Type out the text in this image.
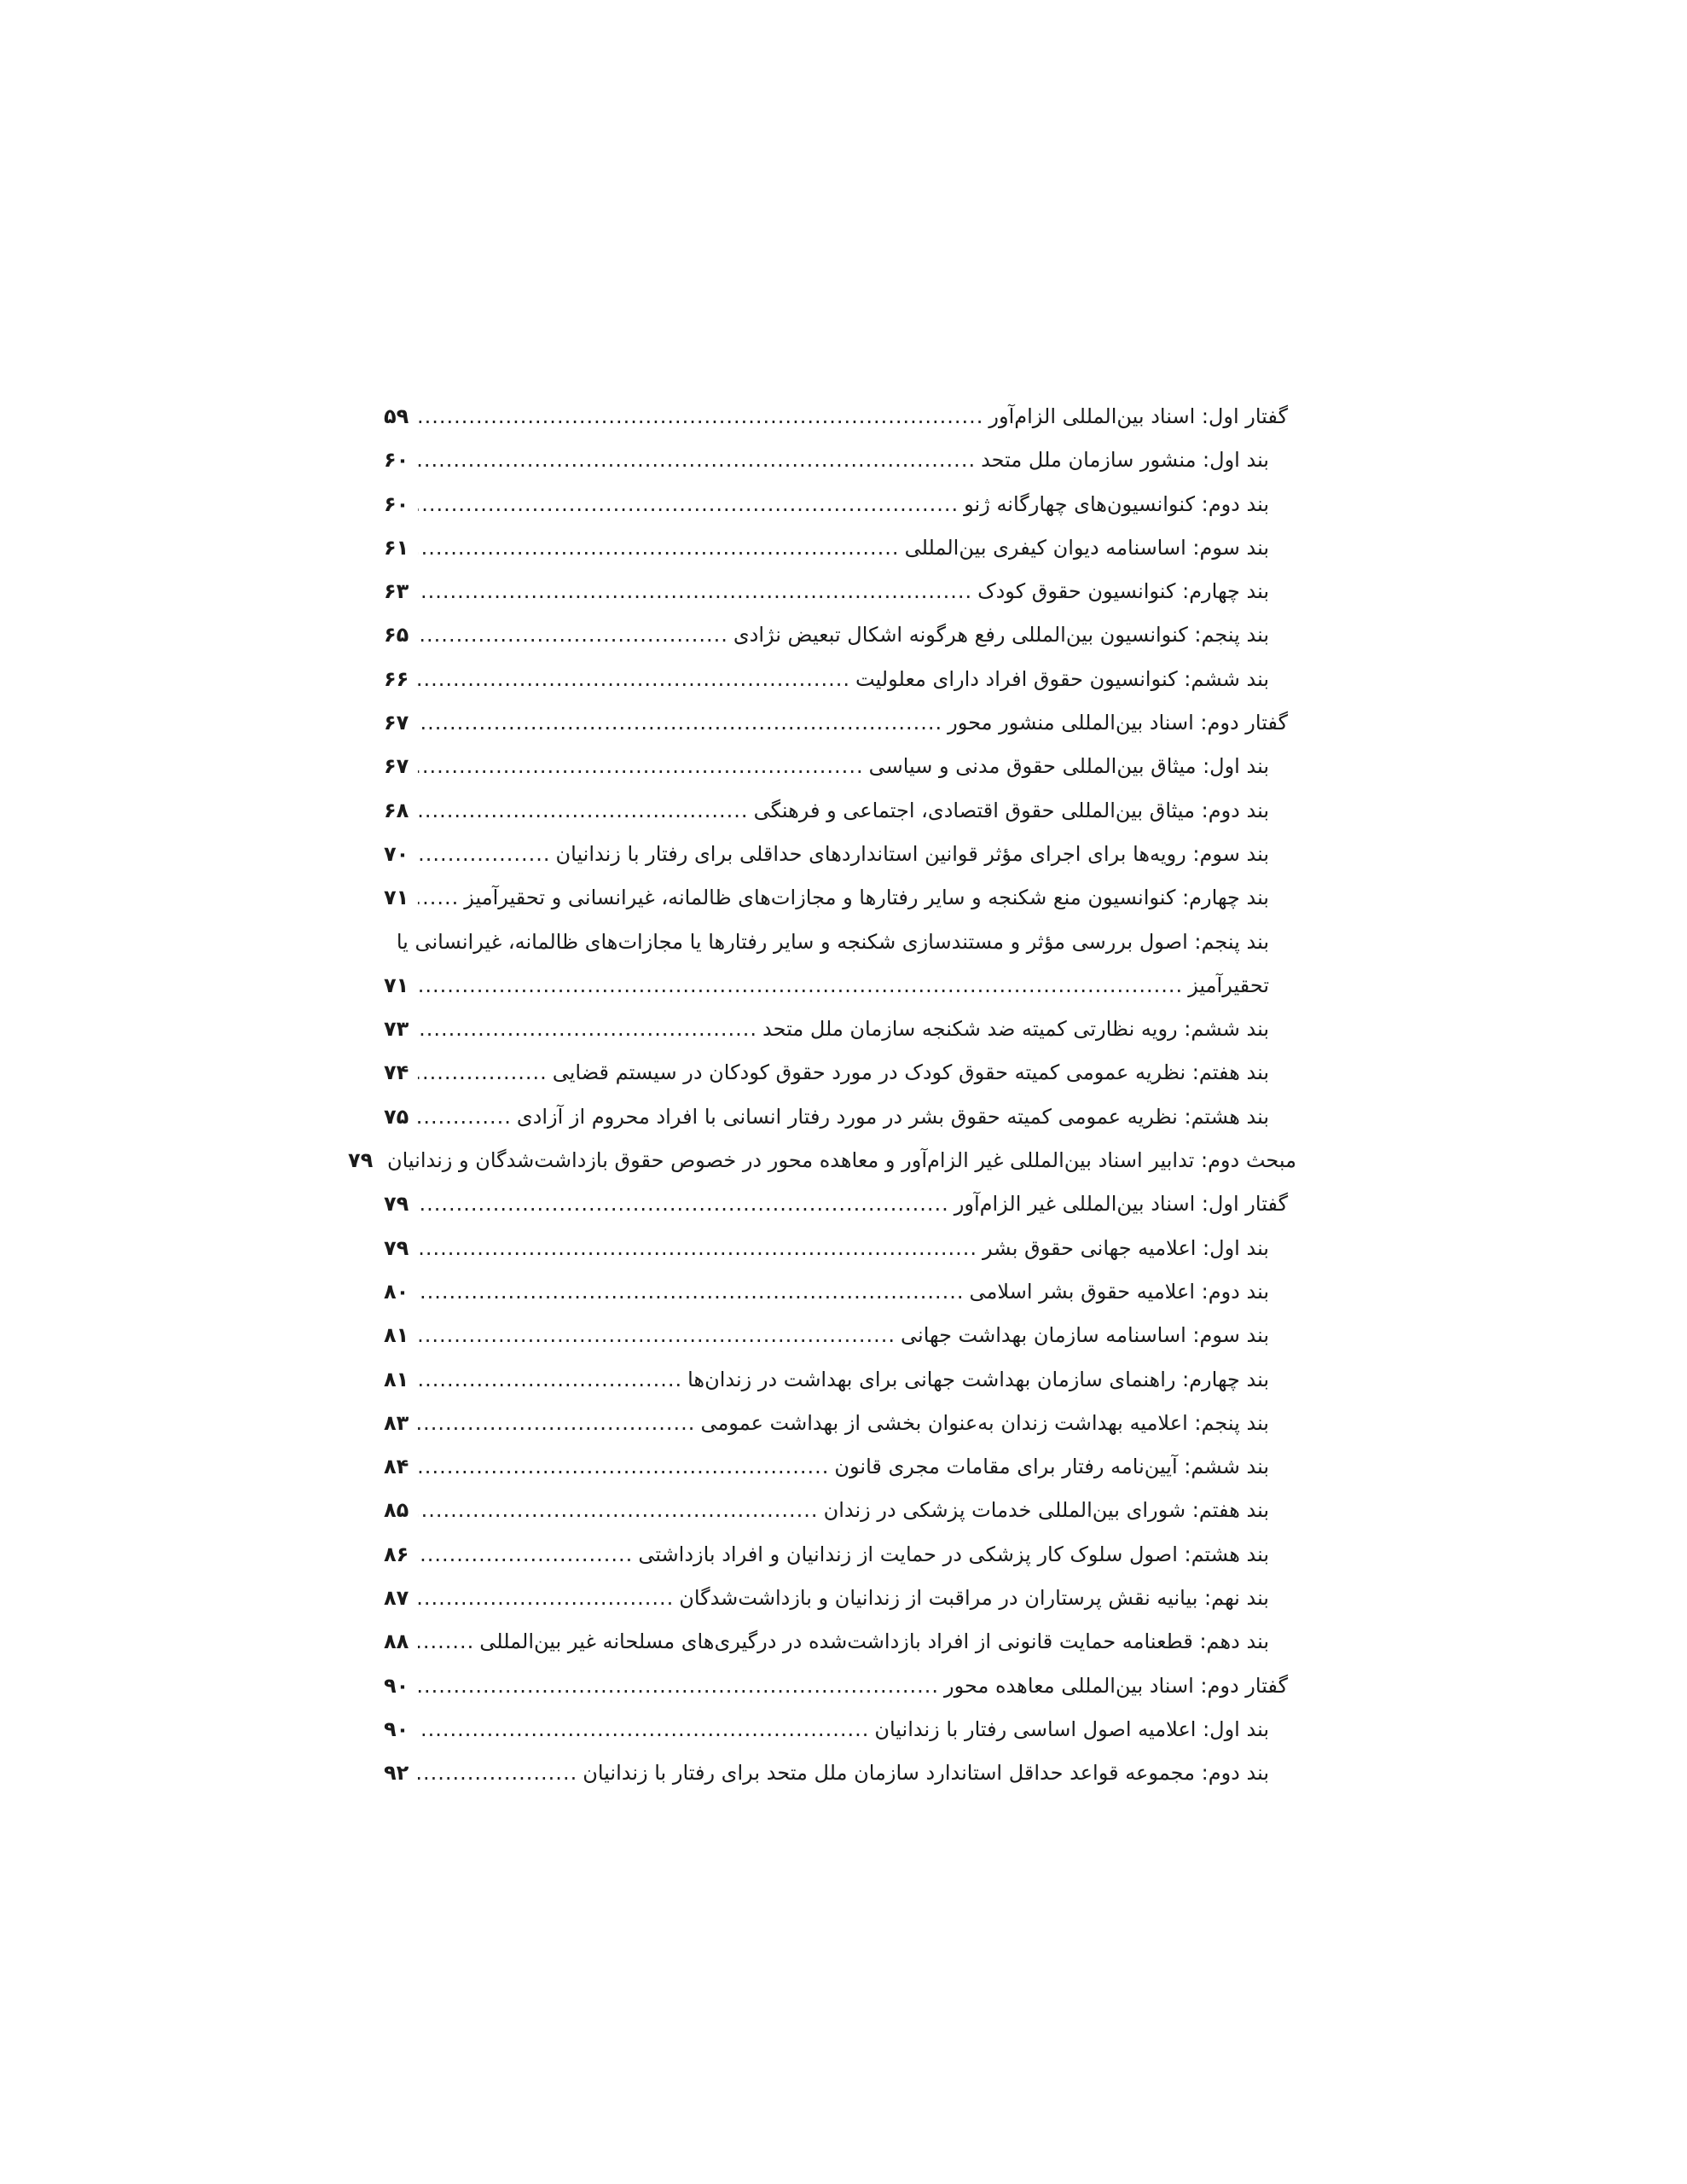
گفتار اول: اسناد بین‌المللی الزام‌آور
.....
۵۹
بند اول: منشور سازمان ملل متحد
.....
۶۰
بند دوم: کنوانسیون‌های چهارگانه ژنو
.....
۶۰
بند سوم: اساسنامه دیوان کیفری بین‌المللی
.....
۶۱
بند چهارم: کنوانسیون حقوق کودک
.....
۶۳
بند پنجم: کنوانسیون بین‌المللی رفع هرگونه اشکال تبعیض نژادی
.....
۶۵
بند ششم: کنوانسیون حقوق افراد دارای معلولیت
.....
۶۶
گفتار دوم: اسناد بین‌المللی منشور محور
.....
۶۷
بند اول: میثاق بین‌المللی حقوق مدنی و سیاسی
.....
۶۷
بند دوم: میثاق بین‌المللی حقوق اقتصادی، اجتماعی و فرهنگی
.....
۶۸
بند سوم: رویه‌ها برای اجرای مؤثر قوانین استانداردهای حداقلی برای رفتار با زندانیان
.....
۷۰
بند چهارم: کنوانسیون منع شکنجه و سایر رفتارها و مجازات‌های ظالمانه، غیرانسانی و تحقیرآمیز
.....
۷۱
بند پنجم: اصول بررسی مؤثر و مستندسازی شکنجه و سایر رفتارها یا مجازات‌های ظالمانه، غیرانسانی یا
تحقیرآمیز
.....
۷۱
بند ششم: رویه نظارتی کمیته ضد شکنجه سازمان ملل متحد
.....
۷۳
بند هفتم: نظریه عمومی کمیته حقوق کودک در مورد حقوق کودکان در سیستم قضایی
.....
۷۴
بند هشتم: نظریه عمومی کمیته حقوق بشر در مورد رفتار انسانی با افراد محروم از آزادی
.....
۷۵
مبحث دوم: تدابیر اسناد بین‌المللی غیر الزام‌آور و معاهده محور در خصوص حقوق بازداشت‌شدگان و زندانیان
۷۹
گفتار اول: اسناد بین‌المللی غیر الزام‌آور
.....
۷۹
بند اول: اعلامیه جهانی حقوق بشر
.....
۷۹
بند دوم: اعلامیه حقوق بشر اسلامی
.....
۸۰
بند سوم: اساسنامه سازمان بهداشت جهانی
.....
۸۱
بند چهارم: راهنمای سازمان بهداشت جهانی برای بهداشت در زندان‌ها
.....
۸۱
بند پنجم: اعلامیه بهداشت زندان به‌عنوان بخشی از بهداشت عمومی
.....
۸۳
بند ششم: آیین‌نامه رفتار برای مقامات مجری قانون
.....
۸۴
بند هفتم: شورای بین‌المللی خدمات پزشکی در زندان
.....
۸۵
بند هشتم: اصول سلوک کار پزشکی در حمایت از زندانیان و افراد بازداشتی
.....
۸۶
بند نهم: بیانیه نقش پرستاران در مراقبت از زندانیان و بازداشت‌شدگان
.....
۸۷
بند دهم: قطعنامه حمایت قانونی از افراد بازداشت‌شده در درگیری‌های مسلحانه غیر بین‌المللی
.....
۸۸
گفتار دوم: اسناد بین‌المللی معاهده محور
.....
۹۰
بند اول: اعلامیه اصول اساسی رفتار با زندانیان
.....
۹۰
بند دوم: مجموعه قواعد حداقل استاندارد سازمان ملل متحد برای رفتار با زندانیان
.....
۹۲
